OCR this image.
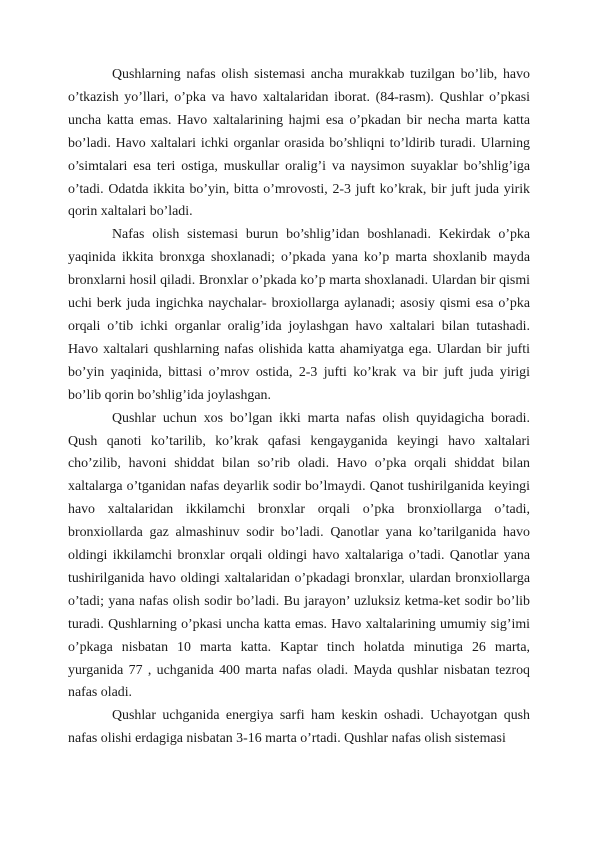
Qushlarning nafas olish sistemasi ancha murakkab tuzilgan bo’lib, havo o’tkazish yo’llari, o’pka va havo xaltalaridan iborat. (84-rasm). Qushlar o’pkasi uncha katta emas. Havo xaltalarining hajmi esa o’pkadan bir necha marta katta bo’ladi. Havo xaltalari ichki organlar orasida bo’shliqni to’ldirib turadi. Ularning o’simtalari esa teri ostiga, muskullar oralig’i va naysimon suyaklar bo’shlig’iga o’tadi. Odatda ikkita bo’yin, bitta o’mrovosti, 2-3 juft ko’krak, bir juft juda yirik qorin xaltalari bo’ladi.

Nafas olish sistemasi burun bo’shlig’idan boshlanadi. Kekirdak o’pka yaqinida ikkita bronxga shoxlanadi; o’pkada yana ko’p marta shoxlanib mayda bronxlarni hosil qiladi. Bronxlar o’pkada ko’p marta shoxlanadi. Ulardan bir qismi uchi berk juda ingichka naychalar- broxiollarga aylanadi; asosiy qismi esa o’pka orqali o’tib ichki organlar oralig’ida joylashgan havo xaltalari bilan tutashadi. Havo xaltalari qushlarning nafas olishida katta ahamiyatga ega. Ulardan bir jufti bo’yin yaqinida, bittasi o’mrov ostida, 2-3 jufti ko’krak va bir juft juda yirigi bo’lib qorin bo’shlig’ida joylashgan.

Qushlar uchun xos bo’lgan ikki marta nafas olish quyidagicha boradi. Qush qanoti ko’tarilib, ko’krak qafasi kengayganida keyingi havo xaltalari cho’zilib, havoni shiddat bilan so’rib oladi. Havo o’pka orqali shiddat bilan xaltalarga o’tganidan nafas deyarlik sodir bo’lmaydi. Qanot tushirilganida keyingi havo xaltalaridan ikkilamchi bronxlar orqali o’pka bronxiollarga o’tadi, bronxiollarda gaz almashinuv sodir bo’ladi. Qanotlar yana ko’tarilganida havo oldingi ikkilamchi bronxlar orqali oldingi havo xaltalariga o’tadi. Qanotlar yana tushirilganida havo oldingi xaltalaridan o’pkadagi bronxlar, ulardan bronxiollarga o’tadi; yana nafas olish sodir bo’ladi. Bu jarayon’ uzluksiz ketma-ket sodir bo’lib turadi. Qushlarning o’pkasi uncha katta emas. Havo xaltalarining umumiy sig’imi o’pkaga nisbatan 10 marta katta. Kaptar tinch holatda minutiga 26 marta, yurganida 77 , uchganida 400 marta nafas oladi. Mayda qushlar nisbatan tezroq nafas oladi.

Qushlar uchganida energiya sarfi ham keskin oshadi. Uchayotgan qush nafas olishi erdagiga nisbatan 3-16 marta o’rtadi. Qushlar nafas olish sistemasi
